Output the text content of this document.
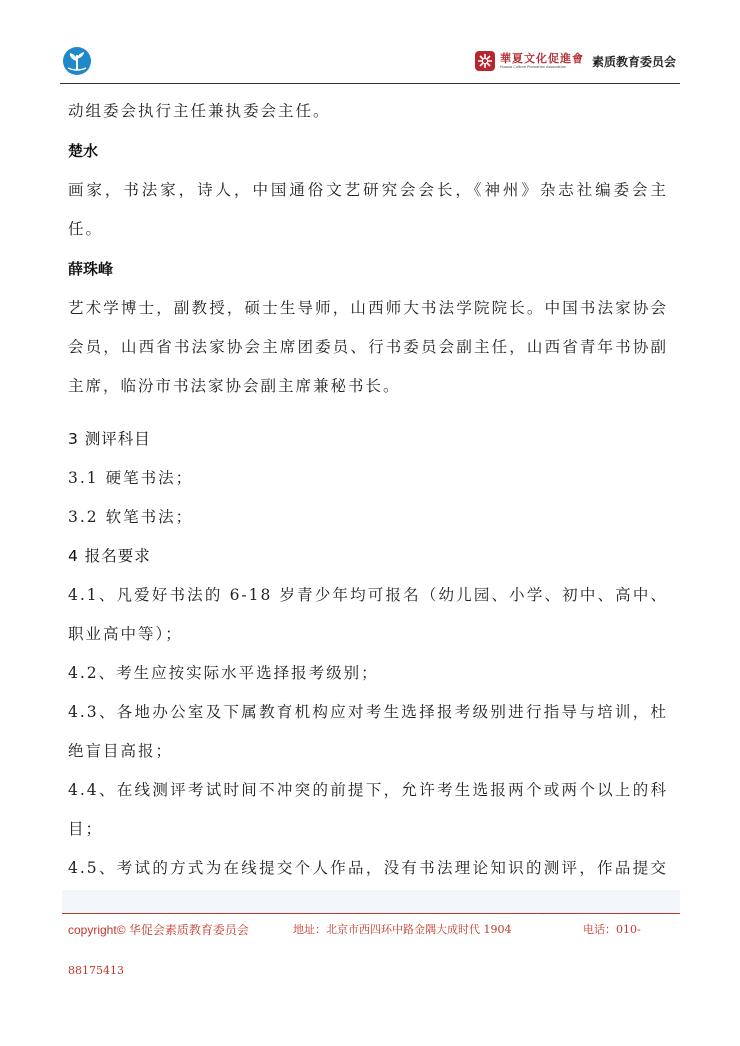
華夏文化促進會
Huaxia Culture Promotion Association	素质教育委员会

动组委会执行主任兼执委会主任。

楚水

画家，书法家，诗人，中国通俗文艺研究会会长，《神州》杂志社编委会主任。

薛珠峰

艺术学博士，副教授，硕士生导师，山西师大书法学院院长。中国书法家协会会员，山西省书法家协会主席团委员、行书委员会副主任，山西省青年书协副主席，临汾市书法家协会副主席兼秘书长。

3 测评科目

3.1 硬笔书法；

3.2 软笔书法；

4 报名要求

4.1、凡爱好书法的 6-18 岁青少年均可报名（幼儿园、小学、初中、高中、职业高中等）；

4.2、考生应按实际水平选择报考级别；

4.3、各地办公室及下属教育机构应对考生选择报考级别进行指导与培训，杜绝盲目高报；

4.4、在线测评考试时间不冲突的前提下，允许考生选报两个或两个以上的科目；

4.5、考试的方式为在线提交个人作品，没有书法理论知识的测评，作品提交

copyright© 华促会素质教育委员会	地址：北京市西四环中路金隅大成时代 1904	电话：010-
88175413
